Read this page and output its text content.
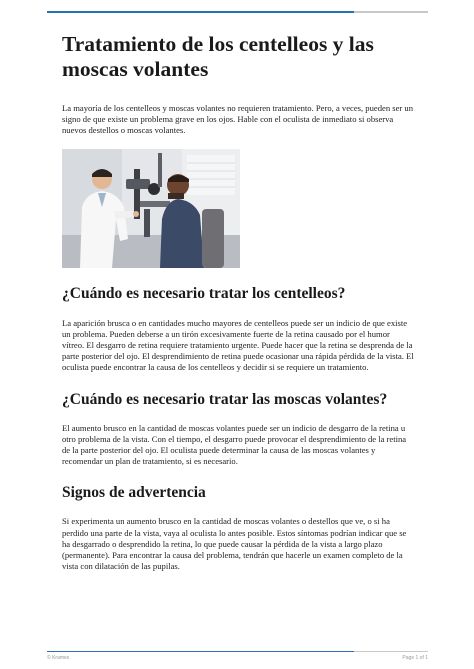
Tratamiento de los centelleos y las moscas volantes

La mayoría de los centelleos y moscas volantes no requieren tratamiento. Pero, a veces, pueden ser un signo de que existe un problema grave en los ojos. Hable con el oculista de inmediato si observa nuevos destellos o moscas volantes.

¿Cuándo es necesario tratar los centelleos?

La aparición brusca o en cantidades mucho mayores de centelleos puede ser un indicio de que existe un problema. Pueden deberse a un tirón excesivamente fuerte de la retina causado por el humor vítreo. El desgarro de retina requiere tratamiento urgente. Puede hacer que la retina se desprenda de la parte posterior del ojo. El desprendimiento de retina puede ocasionar una rápida pérdida de la vista. El oculista puede encontrar la causa de los centelleos y decidir si se requiere un tratamiento.

¿Cuándo es necesario tratar las moscas volantes?

El aumento brusco en la cantidad de moscas volantes puede ser un indicio de desgarro de la retina u otro problema de la vista. Con el tiempo, el desgarro puede provocar el desprendimiento de la retina de la parte posterior del ojo. El oculista puede determinar la causa de las moscas volantes y recomendar un plan de tratamiento, si es necesario.

Signos de advertencia

Si experimenta un aumento brusco en la cantidad de moscas volantes o destellos que ve, o si ha perdido una parte de la vista, vaya al oculista lo antes posible. Estos síntomas podrían indicar que se ha desgarrado o desprendido la retina, lo que puede causar la pérdida de la vista a largo plazo (permanente). Para encontrar la causa del problema, tendrán que hacerle un examen completo de la vista con dilatación de las pupilas.

© Krames	Page 1 of 1
